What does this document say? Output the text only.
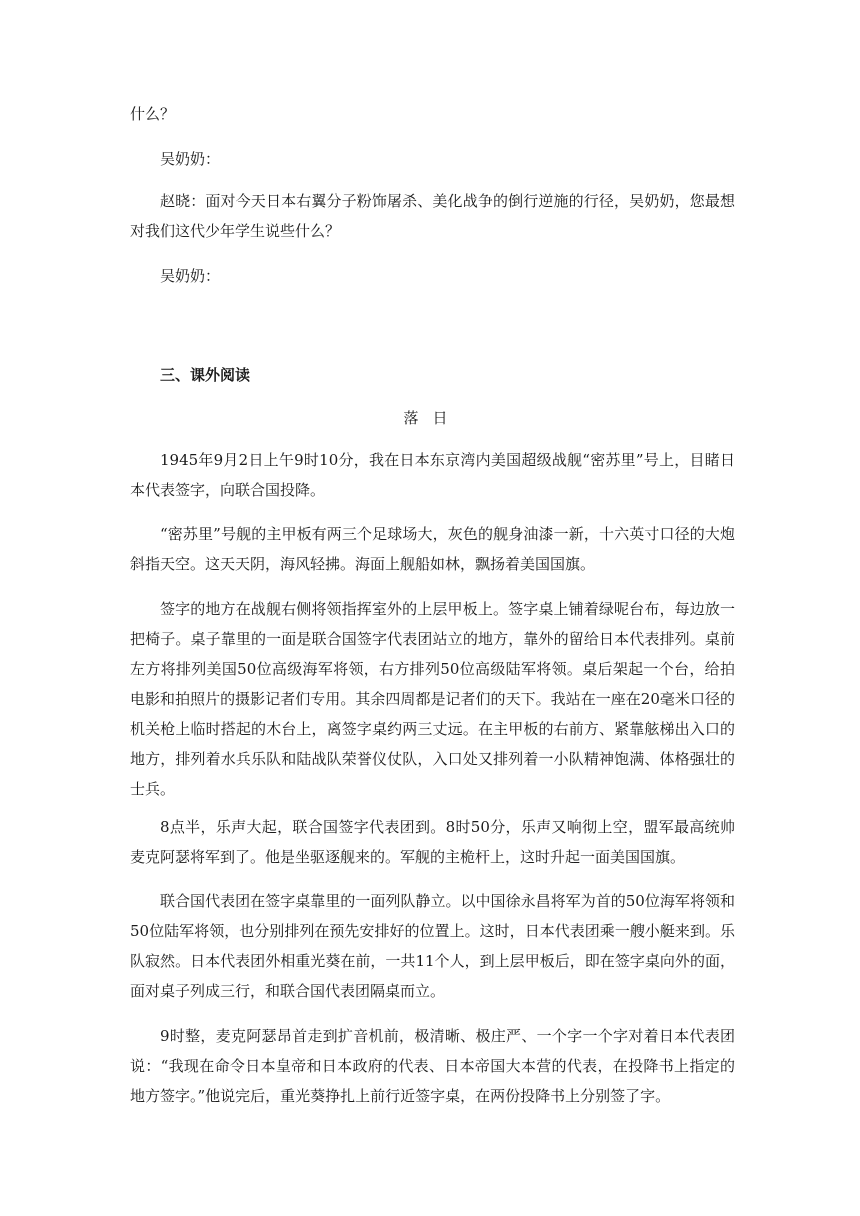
什么？

吴奶奶：

赵晓：面对今天日本右翼分子粉饰屠杀、美化战争的倒行逆施的行径，吴奶奶，您最想对我们这代少年学生说些什么？

吴奶奶：

三、课外阅读

落日

1945年9月2日上午9时10分，我在日本东京湾内美国超级战舰“密苏里”号上，目睹日本代表签字，向联合国投降。

“密苏里”号舰的主甲板有两三个足球场大，灰色的舰身油漆一新，十六英寸口径的大炮斜指天空。这天天阴，海风轻拂。海面上舰船如林，飘扬着美国国旗。

签字的地方在战舰右侧将领指挥室外的上层甲板上。签字桌上铺着绿呢台布，每边放一把椅子。桌子靠里的一面是联合国签字代表团站立的地方，靠外的留给日本代表排列。桌前左方将排列美国50位高级海军将领，右方排列50位高级陆军将领。桌后架起一个台，给拍电影和拍照片的摄影记者们专用。其余四周都是记者们的天下。我站在一座在20毫米口径的机关枪上临时搭起的木台上，离签字桌约两三丈远。在主甲板的右前方、紧靠舷梯出入口的地方，排列着水兵乐队和陆战队荣誉仪仗队，入口处又排列着一小队精神饱满、体格强壮的士兵。

8点半，乐声大起，联合国签字代表团到。8时50分，乐声又响彻上空，盟军最高统帅麦克阿瑟将军到了。他是坐驱逐舰来的。军舰的主桅杆上，这时升起一面美国国旗。

联合国代表团在签字桌靠里的一面列队静立。以中国徐永昌将军为首的50位海军将领和50位陆军将领，也分别排列在预先安排好的位置上。这时，日本代表团乘一艘小艇来到。乐队寂然。日本代表团外相重光葵在前，一共11个人，到上层甲板后，即在签字桌向外的面，面对桌子列成三行，和联合国代表团隔桌而立。

9时整，麦克阿瑟昂首走到扩音机前，极清晰、极庄严、一个字一个字对着日本代表团说：“我现在命令日本皇帝和日本政府的代表、日本帝国大本营的代表，在投降书上指定的地方签字。”他说完后，重光葵挣扎上前行近签字桌，在两份投降书上分别签了字。
